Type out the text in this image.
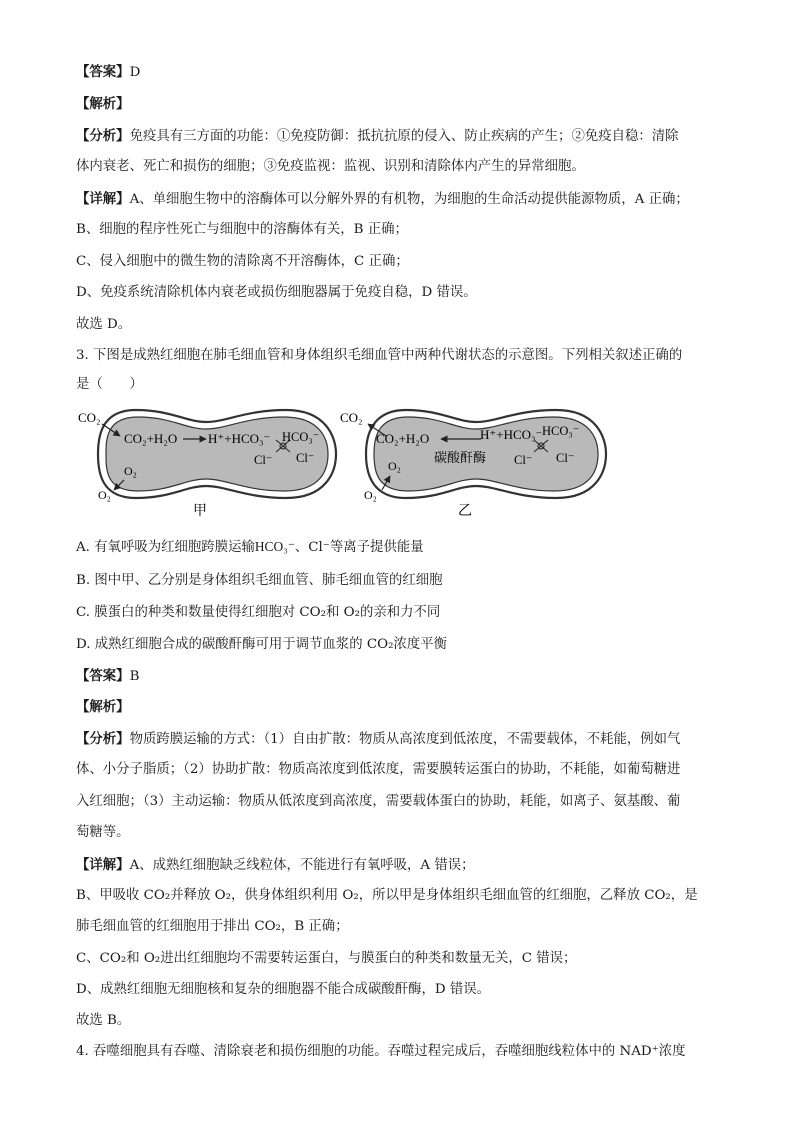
【答案】D
【解析】
【分析】免疫具有三方面的功能：①免疫防御：抵抗抗原的侵入、防止疾病的产生；②免疫自稳：清除
体内衰老、死亡和损伤的细胞；③免疫监视：监视、识别和清除体内产生的异常细胞。
【详解】A、单细胞生物中的溶酶体可以分解外界的有机物，为细胞的生命活动提供能源物质，A 正确；
B、细胞的程序性死亡与细胞中的溶酶体有关，B 正确；
C、侵入细胞中的微生物的清除离不开溶酶体，C 正确；
D、免疫系统清除机体内衰老或损伤细胞器属于免疫自稳，D 错误。
故选 D。
3. 下图是成熟红细胞在肺毛细血管和身体组织毛细血管中两种代谢状态的示意图。下列相关叙述正确的
是（　　）
CO₂
CO₂+H₂O H⁺+HCO₃⁻ HCO₃⁻
Cl⁻ Cl⁻
O₂
O₂
甲
CO₂
CO₂+H₂O	H⁺+HCO₃⁻
碳酸酐酶
HCO₃⁻
Cl⁻ Cl⁻
O₂
O₂
乙
A. 有氧呼吸为红细胞跨膜运输HCO₃⁻、Cl⁻等离子提供能量
B. 图中甲、乙分别是身体组织毛细血管、肺毛细血管的红细胞
C. 膜蛋白的种类和数量使得红细胞对 CO₂和 O₂的亲和力不同
D. 成熟红细胞合成的碳酸酐酶可用于调节血浆的 CO₂浓度平衡
【答案】B
【解析】
【分析】物质跨膜运输的方式：（1）自由扩散：物质从高浓度到低浓度，不需要载体，不耗能，例如气
体、小分子脂质；（2）协助扩散：物质高浓度到低浓度，需要膜转运蛋白的协助，不耗能，如葡萄糖进
入红细胞；（3）主动运输：物质从低浓度到高浓度，需要载体蛋白的协助，耗能，如离子、氨基酸、葡
萄糖等。
【详解】A、成熟红细胞缺乏线粒体，不能进行有氧呼吸，A 错误；
B、甲吸收 CO₂并释放 O₂，供身体组织利用 O₂，所以甲是身体组织毛细血管的红细胞，乙释放 CO₂，是
肺毛细血管的红细胞用于排出 CO₂，B 正确；
C、CO₂和 O₂进出红细胞均不需要转运蛋白，与膜蛋白的种类和数量无关，C 错误；
D、成熟红细胞无细胞核和复杂的细胞器不能合成碳酸酐酶，D 错误。
故选 B。
4. 吞噬细胞具有吞噬、清除衰老和损伤细胞的功能。吞噬过程完成后，吞噬细胞线粒体中的 NAD⁺浓度
